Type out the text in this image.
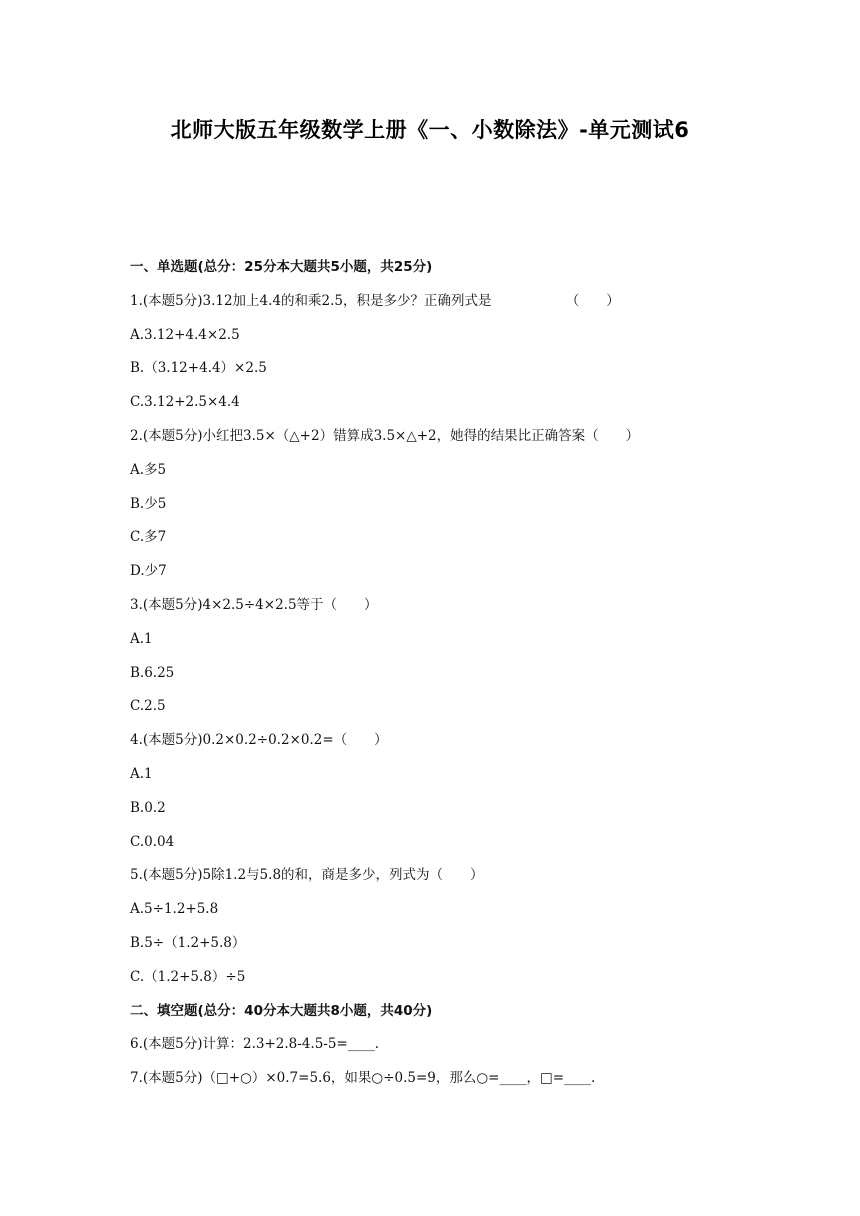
北师大版五年级数学上册《一、小数除法》-单元测试6
一、单选题(总分：25分本大题共5小题，共25分)
1.(本题5分)3.12加上4.4的和乘2.5，积是多少？正确列式是　　　　　　（　　）
A.3.12+4.4×2.5
B.（3.12+4.4）×2.5
C.3.12+2.5×4.4
2.(本题5分)小红把3.5×（△+2）错算成3.5×△+2，她得的结果比正确答案（　　）
A.多5
B.少5
C.多7
D.少7
3.(本题5分)4×2.5÷4×2.5等于（　　）
A.1
B.6.25
C.2.5
4.(本题5分)0.2×0.2÷0.2×0.2=（　　）
A.1
B.0.2
C.0.04
5.(本题5分)5除1.2与5.8的和，商是多少，列式为（　　）
A.5÷1.2+5.8
B.5÷（1.2+5.8）
C.（1.2+5.8）÷5
二、填空题(总分：40分本大题共8小题，共40分)
6.(本题5分)计算：2.3+2.8-4.5-5=____.
7.(本题5分)（□+○）×0.7=5.6，如果○÷0.5=9，那么○=____，□=____.
